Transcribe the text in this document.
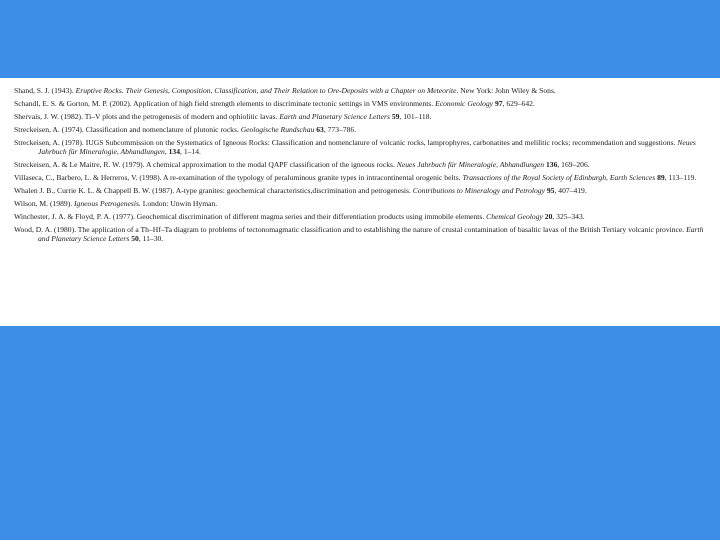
Shand, S. J. (1943). Eruptive Rocks. Their Genesis, Composition, Classification, and Their Relation to Ore-Deposits with a Chapter on Meteorite. New York: John Wiley & Sons.

Schandl, E. S. & Gorton, M. P. (2002). Application of high field strength elements to discriminate tectonic settings in VMS environments. Economic Geology 97, 629–642.

Shervais, J. W. (1982). Ti–V plots and the petrogenesis of modern and ophiolitic lavas. Earth and Planetary Science Letters 59, 101–118.

Streckeisen, A. (1974). Classification and nomenclature of plutonic rocks. Geologische Rundschau 63, 773–786.

Streckeisen, A. (1978). IUGS Subcommission on the Systematics of Igneous Rocks: Classification and nomenclature of volcanic rocks, lamprophyres, carbonatites and melilitic rocks; recommendation and suggestions. Neues Jahrbuch für Mineralogie, Abhandlungen, 134, 1–14.

Streckeisen, A. & Le Maitre, R. W. (1979). A chemical approximation to the modal QAPF classification of the igneous rocks. Neues Jahrbuch für Mineralogie, Abhandlungen 136, 169–206.

Villaseca, C., Barbero, L. & Herreros, V. (1998). A re-examination of the typology of peraluminous granite types in intracontinental orogenic belts. Transactions of the Royal Society of Edinburgh, Earth Sciences 89, 113–119.

Whalen J. B., Currie K. L. & Chappell B. W. (1987). A-type granites: geochemical characteristics,discrimination and petrogenesis. Contributions to Mineralogy and Petrology 95, 407–419.

Wilson, M. (1989). Igneous Petrogenesis. London: Unwin Hyman.

Winchester, J. A. & Floyd, P. A. (1977). Geochemical discrimination of different magma series and their differentiation products using immobile elements. Chemical Geology 20, 325–343.

Wood, D. A. (1980). The application of a Th–Hf–Ta diagram to problems of tectonomagmatic classification and to establishing the nature of crustal contamination of basaltic lavas of the British Tertiary volcanic province. Earth and Planetary Science Letters 50, 11–30.
